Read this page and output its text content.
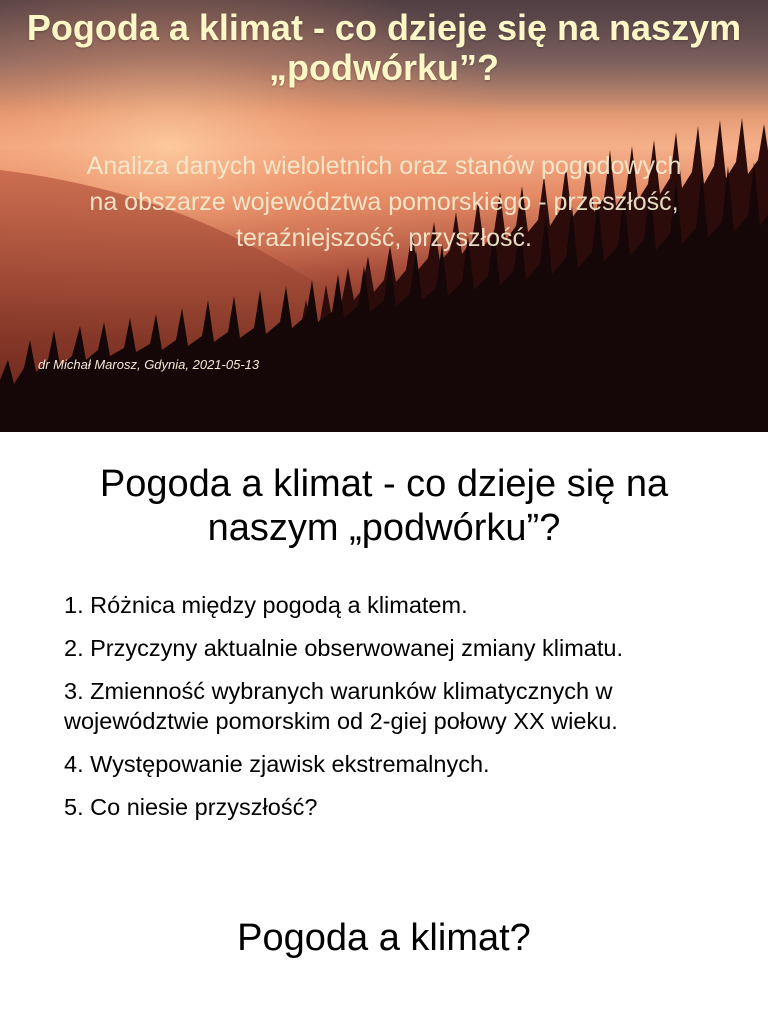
Pogoda a klimat - co dzieje się na naszym „podwórku”?

Analiza danych wieloletnich oraz stanów pogodowych na obszarze województwa pomorskiego - przeszłość, teraźniejszość, przyszłość.

dr Michał Marosz, Gdynia, 2021-05-13

Pogoda a klimat - co dzieje się na naszym „podwórku”?
1. Różnica między pogodą a klimatem.
2. Przyczyny aktualnie obserwowanej zmiany klimatu.
3. Zmienność wybranych warunków klimatycznych w województwie pomorskim od 2-giej połowy XX wieku.
4. Występowanie zjawisk ekstremalnych.
5. Co niesie przyszłość?
Pogoda a klimat?
